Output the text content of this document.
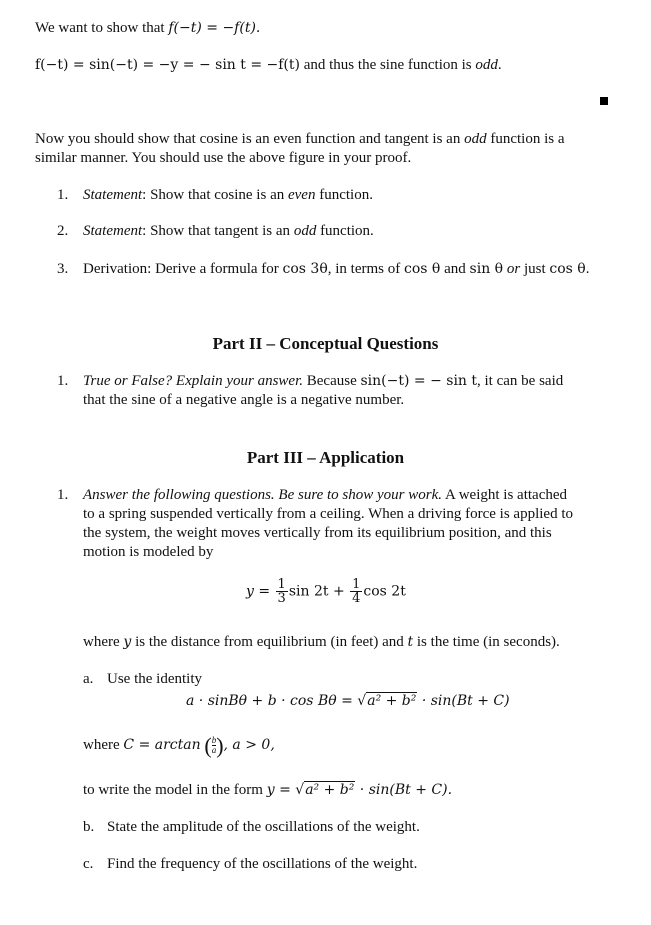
We want to show that f(−t) = −f(t).
f(−t) = sin(−t) = −y = − sin t = −f(t) and thus the sine function is odd.
Now you should show that cosine is an even function and tangent is an odd function is a
similar manner. You should use the above figure in your proof.
1. Statement: Show that cosine is an even function.
2. Statement: Show that tangent is an odd function.
3. Derivation: Derive a formula for cos 3θ, in terms of cos θ and sin θ or just cos θ.
Part II – Conceptual Questions
1. True or False? Explain your answer. Because sin(−t) = − sin t, it can be said
that the sine of a negative angle is a negative number.
Part III – Application
1. Answer the following questions. Be sure to show your work. A weight is attached
to a spring suspended vertically from a ceiling. When a driving force is applied to
the system, the weight moves vertically from its equilibrium position, and this
motion is modeled by
$y = \frac{1}{3}$ $\sin 2t + \frac{1}{4}$ cos 2t
where y is the distance from equilibrium (in feet) and t is the time (in seconds).
a. Use the identity
a · sinBθ + b · cos Bθ = √a² + b² · sin(Bt + C)
where C = arctan ( $\frac{b}{a}$), a > 0,
to write the model in the form y = √a² + b² · sin(Bt + C).
b. State the amplitude of the oscillations of the weight.
c. Find the frequency of the oscillations of the weight.
